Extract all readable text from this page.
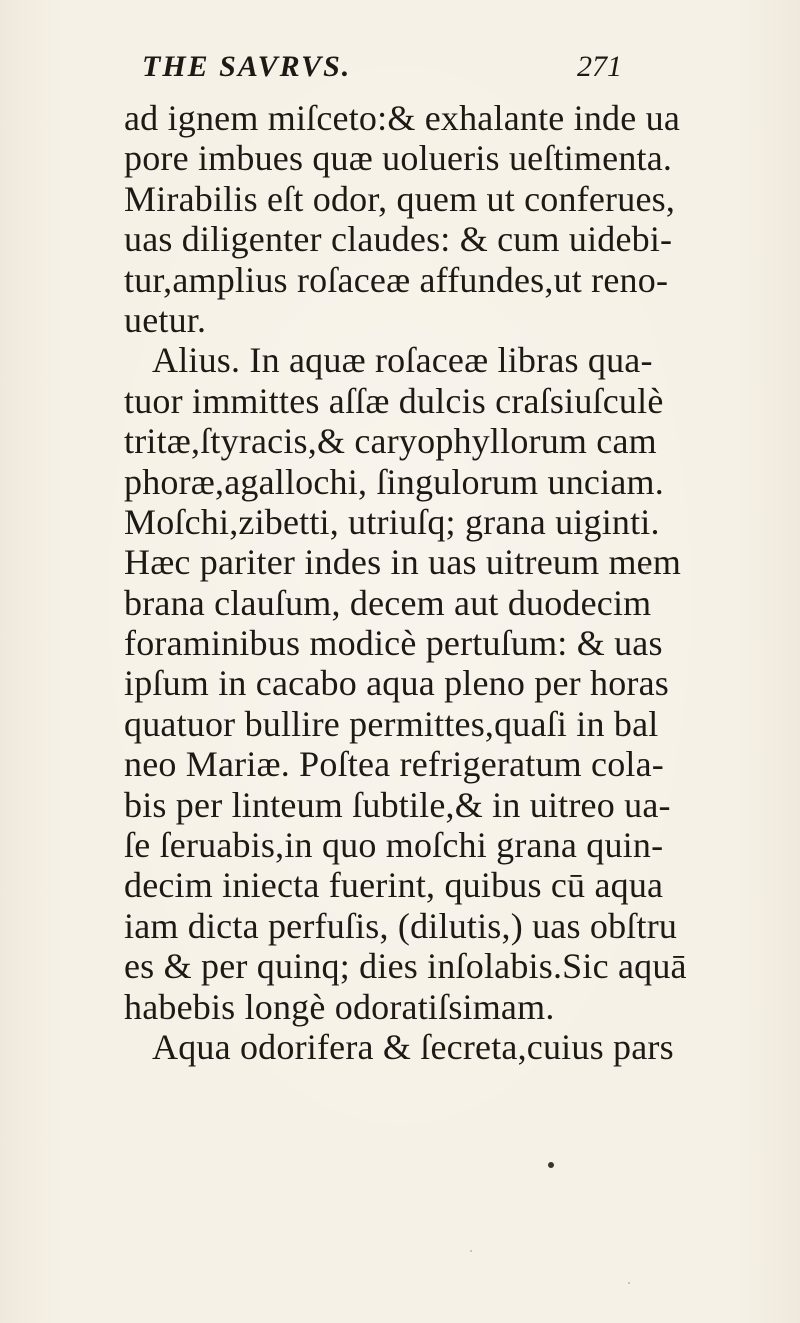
THE SAVRVS.	271
ad ignem miſceto:& exhalante inde ua
pore imbues quæ uolueris ueſtimenta.
Mirabilis eſt odor, quem ut conferues,
uas diligenter claudes: & cum uidebi-
tur,amplius roſaceæ affundes,ut reno-
uetur.
Alius. In aquæ roſaceæ libras qua-
tuor immittes aſſæ dulcis craſsiuſculè
tritæ,ſtyracis,& caryophyllorum cam
phoræ,agallochi, ſingulorum unciam.
Moſchi,zibetti, utriuſq; grana uiginti.
Hæc pariter indes in uas uitreum mem
brana clauſum, decem aut duodecim
foraminibus modicè pertuſum: & uas
ipſum in cacabo aqua pleno per horas
quatuor bullire permittes,quaſi in bal
neo Mariæ. Poſtea refrigeratum cola-
bis per linteum ſubtile,& in uitreo ua-
ſe ſeruabis,in quo moſchi grana quin-
decim iniecta fuerint, quibus cū aqua
iam dicta perfuſis, (dilutis,) uas obſtru
es & per quinq; dies inſolabis.Sic aquā
habebis longè odoratiſsimam.
Aqua odorifera & ſecreta,cuius pars
